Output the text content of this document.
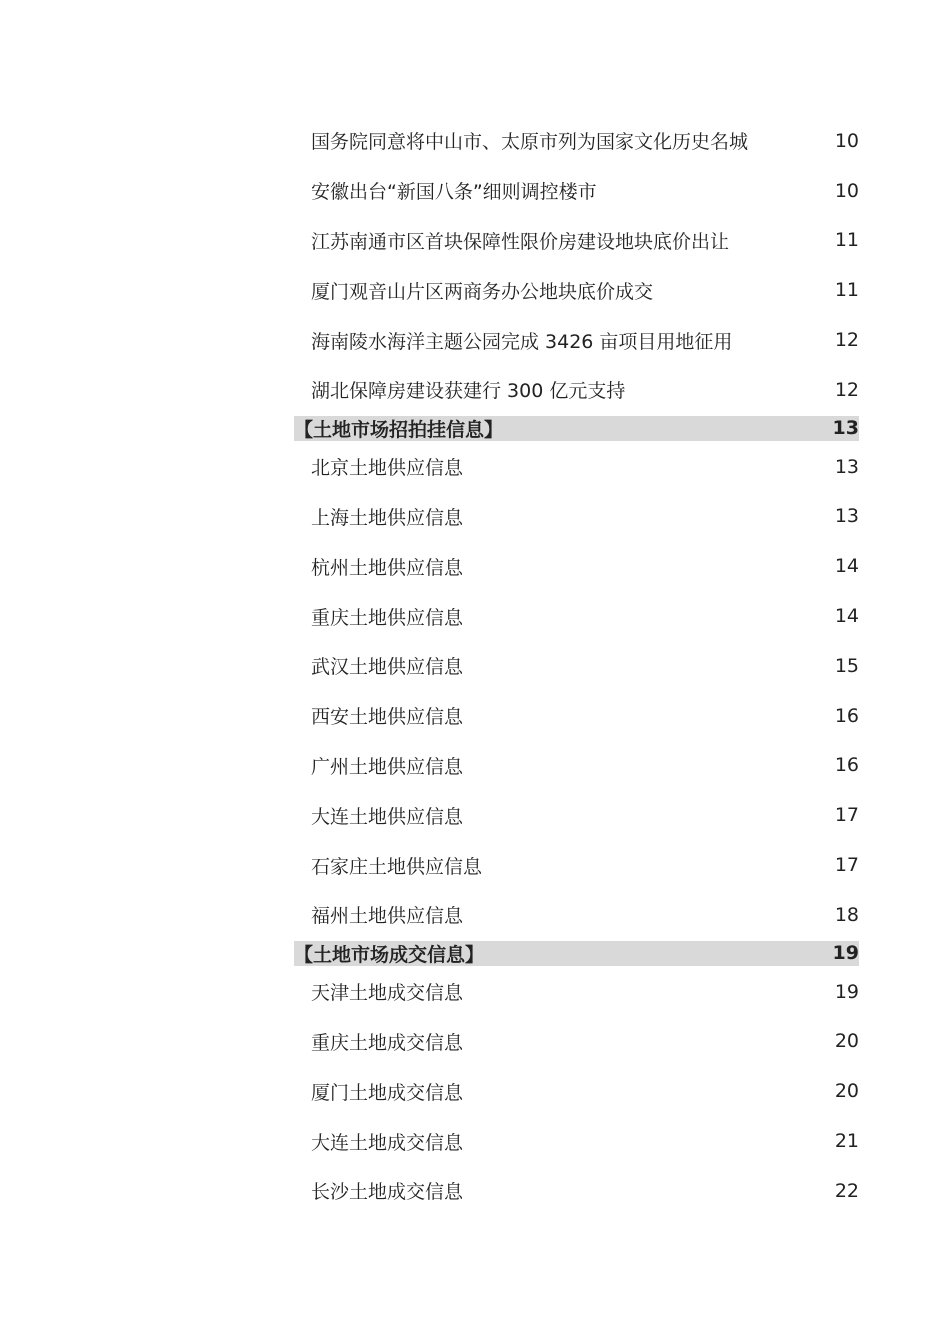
国务院同意将中山市、太原市列为国家文化历史名城	10
安徽出台“新国八条”细则调控楼市	10
江苏南通市区首块保障性限价房建设地块底价出让	11
厦门观音山片区两商务办公地块底价成交	11
海南陵水海洋主题公园完成 3426 亩项目用地征用	12
湖北保障房建设获建行 300 亿元支持	12
【土地市场招拍挂信息】	13
北京土地供应信息	13
上海土地供应信息	13
杭州土地供应信息	14
重庆土地供应信息	14
武汉土地供应信息	15
西安土地供应信息	16
广州土地供应信息	16
大连土地供应信息	17
石家庄土地供应信息	17
福州土地供应信息	18
【土地市场成交信息】	19
天津土地成交信息	19
重庆土地成交信息	20
厦门土地成交信息	20
大连土地成交信息	21
长沙土地成交信息	22
